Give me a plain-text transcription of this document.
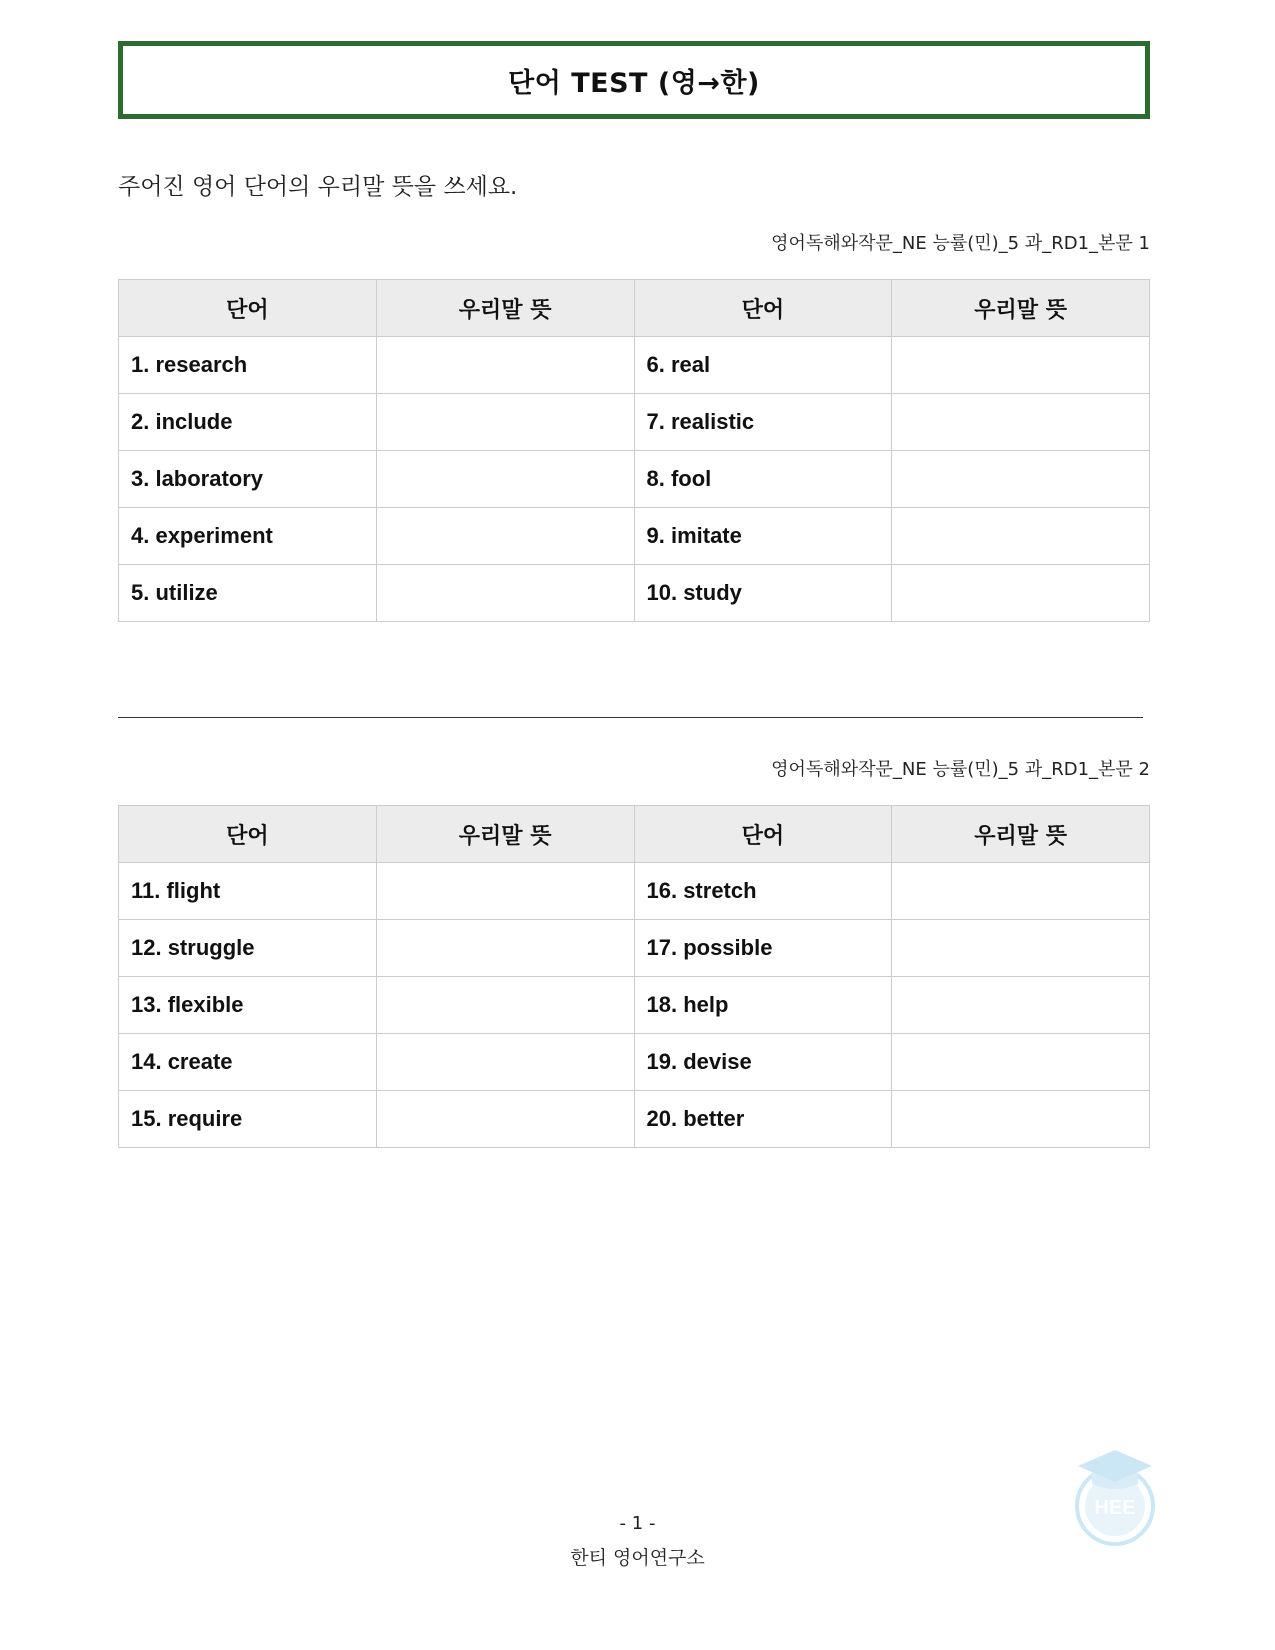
단어 TEST (영→한)
주어진 영어 단어의 우리말 뜻을 쓰세요.
영어독해와작문_NE 능률(민)_5 과_RD1_본문 1
단어	우리말 뜻	단어	우리말 뜻
1. research		6. real	
2. include		7. realistic	
3. laboratory		8. fool	
4. experiment		9. imitate	
5. utilize		10. study	
영어독해와작문_NE 능률(민)_5 과_RD1_본문 2
단어	우리말 뜻	단어	우리말 뜻
11. flight		16. stretch	
12. struggle		17. possible	
13. flexible		18. help	
14. create		19. devise	
15. require		20. better	
HEE
- 1 -
한티 영어연구소
